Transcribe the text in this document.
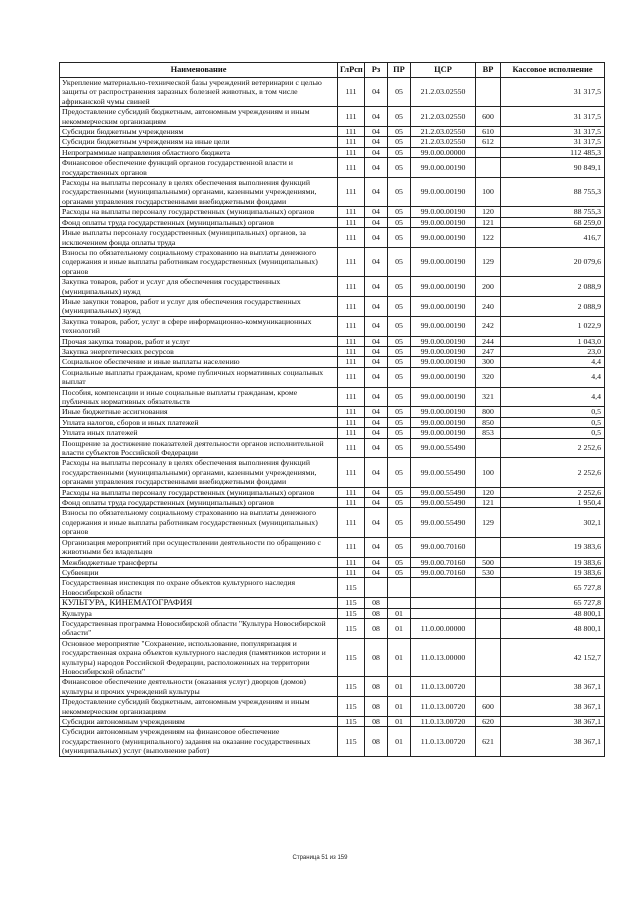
Наименование	ГлРсп	Рз	ПР	ЦСР	ВР	Кассовое исполнение
Укрепление материально-технической базы учреждений ветеринарии с целью защиты от распространения заразных болезней животных, в том числе африканской чумы свиней	111	04	05	21.2.03.02550		31 317,5
Предоставление субсидий бюджетным, автономным учреждениям и иным некоммерческим организациям	111	04	05	21.2.03.02550	600	31 317,5
Субсидии бюджетным учреждениям	111	04	05	21.2.03.02550	610	31 317,5
Субсидии бюджетным учреждениям на иные цели	111	04	05	21.2.03.02550	612	31 317,5
Непрограммные направления областного бюджета	111	04	05	99.0.00.00000		112 485,3
Финансовое обеспечение функций органов государственной власти и государственных органов	111	04	05	99.0.00.00190		90 849,1
Расходы на выплаты персоналу в целях обеспечения выполнения функций государственными (муниципальными) органами, казенными учреждениями, органами управления государственными внебюджетными фондами	111	04	05	99.0.00.00190	100	88 755,3
Расходы на выплаты персоналу государственных (муниципальных) органов	111	04	05	99.0.00.00190	120	88 755,3
Фонд оплаты труда государственных (муниципальных) органов	111	04	05	99.0.00.00190	121	68 259,0
Иные выплаты персоналу государственных (муниципальных) органов, за исключением фонда оплаты труда	111	04	05	99.0.00.00190	122	416,7
Взносы по обязательному социальному страхованию на выплаты денежного содержания и иные выплаты работникам государственных (муниципальных) органов	111	04	05	99.0.00.00190	129	20 079,6
Закупка товаров, работ и услуг для обеспечения государственных (муниципальных) нужд	111	04	05	99.0.00.00190	200	2 088,9
Иные закупки товаров, работ и услуг для обеспечения государственных (муниципальных) нужд	111	04	05	99.0.00.00190	240	2 088,9
Закупка товаров, работ, услуг в сфере информационно-коммуникационных технологий	111	04	05	99.0.00.00190	242	1 022,9
Прочая закупка товаров, работ и услуг	111	04	05	99.0.00.00190	244	1 043,0
Закупка энергетических ресурсов	111	04	05	99.0.00.00190	247	23,0
Социальное обеспечение и иные выплаты населению	111	04	05	99.0.00.00190	300	4,4
Социальные выплаты гражданам, кроме публичных нормативных социальных выплат	111	04	05	99.0.00.00190	320	4,4
Пособия, компенсации и иные социальные выплаты гражданам, кроме публичных нормативных обязательств	111	04	05	99.0.00.00190	321	4,4
Иные бюджетные ассигнования	111	04	05	99.0.00.00190	800	0,5
Уплата налогов, сборов и иных платежей	111	04	05	99.0.00.00190	850	0,5
Уплата иных платежей	111	04	05	99.0.00.00190	853	0,5
Поощрение за достижение показателей деятельности органов исполнительной власти субъектов Российской Федерации	111	04	05	99.0.00.55490		2 252,6
Расходы на выплаты персоналу в целях обеспечения выполнения функций государственными (муниципальными) органами, казенными учреждениями, органами управления государственными внебюджетными фондами	111	04	05	99.0.00.55490	100	2 252,6
Расходы на выплаты персоналу государственных (муниципальных) органов	111	04	05	99.0.00.55490	120	2 252,6
Фонд оплаты труда государственных (муниципальных) органов	111	04	05	99.0.00.55490	121	1 950,4
Взносы по обязательному социальному страхованию на выплаты денежного содержания и иные выплаты работникам государственных (муниципальных) органов	111	04	05	99.0.00.55490	129	302,1
Организация мероприятий при осуществлении деятельности по обращению с животными без владельцев	111	04	05	99.0.00.70160		19 383,6
Межбюджетные трансферты	111	04	05	99.0.00.70160	500	19 383,6
Субвенции	111	04	05	99.0.00.70160	530	19 383,6
Государственная инспекция по охране объектов культурного наследия Новосибирской области	115					65 727,8
КУЛЬТУРА, КИНЕМАТОГРАФИЯ	115	08				65 727,8
Культура	115	08	01			48 800,1
Государственная программа Новосибирской области "Культура Новосибирской области"	115	08	01	11.0.00.00000		48 800,1
Основное мероприятие "Сохранение, использование, популяризация и государственная охрана объектов культурного наследия (памятников истории и культуры) народов Российской Федерации, расположенных на территории Новосибирской области"	115	08	01	11.0.13.00000		42 152,7
Финансовое обеспечение деятельности (оказания услуг) дворцов (домов) культуры и прочих учреждений культуры	115	08	01	11.0.13.00720		38 367,1
Предоставление субсидий бюджетным, автономным учреждениям и иным некоммерческим организациям	115	08	01	11.0.13.00720	600	38 367,1
Субсидии автономным учреждениям	115	08	01	11.0.13.00720	620	38 367,1
Субсидии автономным учреждениям на финансовое обеспечение государственного (муниципального) задания на оказание государственных (муниципальных) услуг (выполнение работ)	115	08	01	11.0.13.00720	621	38 367,1
Страница 51 из 159
